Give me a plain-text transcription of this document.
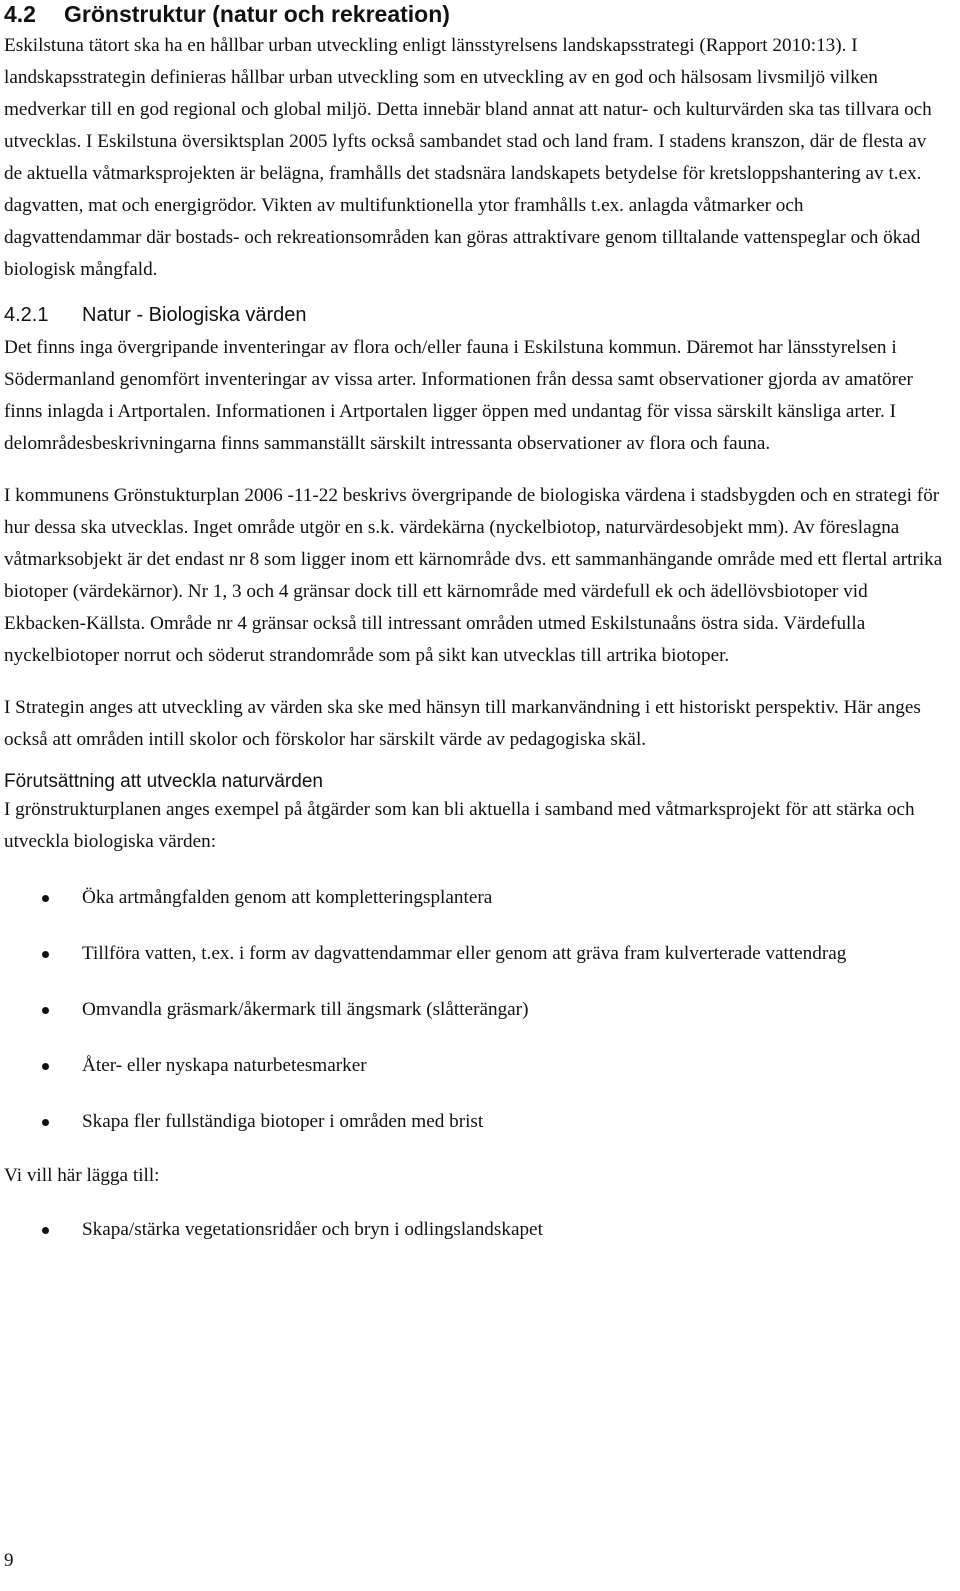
4.2 Grönstruktur (natur och rekreation)

Eskilstuna tätort ska ha en hållbar urban utveckling enligt länsstyrelsens landskapsstrategi (Rapport 2010:13). I landskapsstrategin definieras hållbar urban utveckling som en utveckling av en god och hälsosam livsmiljö vilken medverkar till en god regional och global miljö. Detta innebär bland annat att natur- och kulturvärden ska tas tillvara och utvecklas. I Eskilstuna översiktsplan 2005 lyfts också sambandet stad och land fram. I stadens kranszon, där de flesta av de aktuella våtmarksprojekten är belägna, framhålls det stadsnära landskapets betydelse för kretsloppshantering av t.ex. dagvatten, mat och energigrödor. Vikten av multifunktionella ytor framhålls t.ex. anlagda våtmarker och dagvattendammar där bostads- och rekreationsområden kan göras attraktivare genom tilltalande vattenspeglar och ökad biologisk mångfald.

4.2.1 Natur - Biologiska värden

Det finns inga övergripande inventeringar av flora och/eller fauna i Eskilstuna kommun. Däremot har länsstyrelsen i Södermanland genomfört inventeringar av vissa arter. Informationen från dessa samt observationer gjorda av amatörer finns inlagda i Artportalen. Informationen i Artportalen ligger öppen med undantag för vissa särskilt känsliga arter. I delområdesbeskrivningarna finns sammanställt särskilt intressanta observationer av flora och fauna.

I kommunens Grönstukturplan 2006 -11-22 beskrivs övergripande de biologiska värdena i stadsbygden och en strategi för hur dessa ska utvecklas. Inget område utgör en s.k. värdekärna (nyckelbiotop, naturvärdesobjekt mm). Av föreslagna våtmarksobjekt är det endast nr 8 som ligger inom ett kärnområde dvs. ett sammanhängande område med ett flertal artrika biotoper (värdekärnor). Nr 1, 3 och 4 gränsar dock till ett kärnområde med värdefull ek och ädellövsbiotoper vid Ekbacken-Källsta. Område nr 4 gränsar också till intressant områden utmed Eskilstunaåns östra sida. Värdefulla nyckelbiotoper norrut och söderut strandområde som på sikt kan utvecklas till artrika biotoper.

I Strategin anges att utveckling av värden ska ske med hänsyn till markanvändning i ett historiskt perspektiv. Här anges också att områden intill skolor och förskolor har särskilt värde av pedagogiska skäl.

Förutsättning att utveckla naturvärden

I grönstrukturplanen anges exempel på åtgärder som kan bli aktuella i samband med våtmarksprojekt för att stärka och utveckla biologiska värden:

Öka artmångfalden genom att kompletteringsplantera
Tillföra vatten, t.ex. i form av dagvattendammar eller genom att gräva fram kulverterade vattendrag
Omvandla gräsmark/åkermark till ängsmark (slåtterängar)
Åter- eller nyskapa naturbetesmarker
Skapa fler fullständiga biotoper i områden med brist

Vi vill här lägga till:

Skapa/stärka vegetationsridåer och bryn i odlingslandskapet
9
